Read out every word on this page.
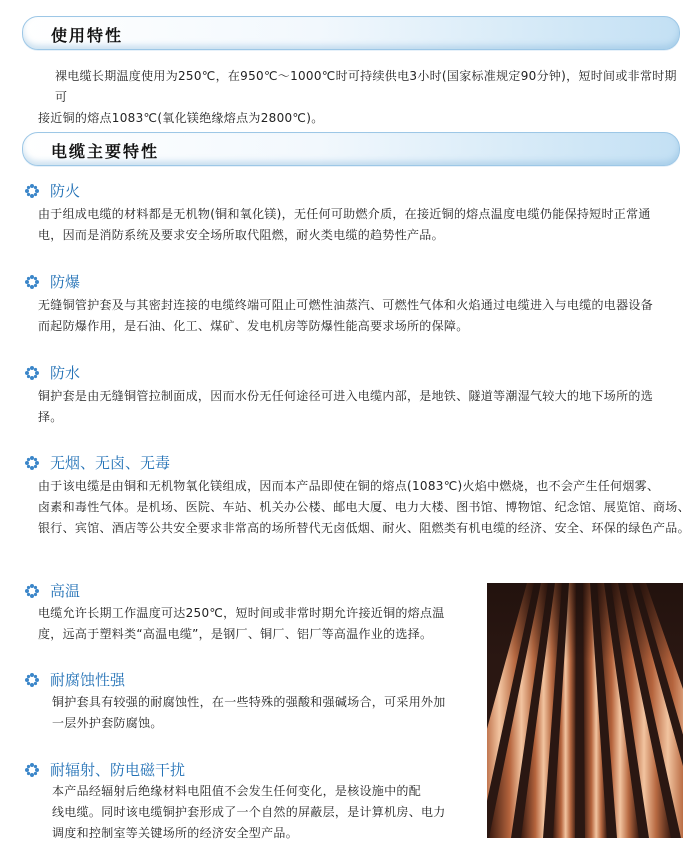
使用特性
裸电缆长期温度使用为250℃，在950℃～1000℃时可持续供电3小时(国家标准规定90分钟)，短时间或非常时期可
接近铜的熔点1083℃(氧化镁绝缘熔点为2800℃)。
电缆主要特性
防火
由于组成电缆的材料都是无机物(铜和氧化镁)，无任何可助燃介质，在接近铜的熔点温度电缆仍能保持短时正常通
电，因而是消防系统及要求安全场所取代阻燃，耐火类电缆的趋势性产品。
防爆
无缝铜管护套及与其密封连接的电缆终端可阻止可燃性油蒸汽、可燃性气体和火焰通过电缆进入与电缆的电器设备
而起防爆作用，是石油、化工、煤矿、发电机房等防爆性能高要求场所的保障。
防水
铜护套是由无缝铜管拉制面成，因而水份无任何途径可进入电缆内部，是地铁、隧道等潮湿气较大的地下场所的选
择。
无烟、无卤、无毒
由于该电缆是由铜和无机物氧化镁组成，因而本产品即使在铜的熔点(1083℃)火焰中燃烧，也不会产生任何烟雾、
卤素和毒性气体。是机场、医院、车站、机关办公楼、邮电大厦、电力大楼、图书馆、博物馆、纪念馆、展览馆、商场、
银行、宾馆、酒店等公共安全要求非常高的场所替代无卤低烟、耐火、阻燃类有机电缆的经济、安全、环保的绿色产品。
高温
电缆允许长期工作温度可达250℃，短时间或非常时期允许接近铜的熔点温
度，远高于塑料类“高温电缆”，是钢厂、铜厂、铝厂等高温作业的选择。
耐腐蚀性强
铜护套具有较强的耐腐蚀性，在一些特殊的强酸和强碱场合，可采用外加
一层外护套防腐蚀。
耐辐射、防电磁干扰
本产品经辐射后绝缘材料电阻值不会发生任何变化，是核设施中的配
线电缆。同时该电缆铜护套形成了一个自然的屏蔽层，是计算机房、电力
调度和控制室等关键场所的经济安全型产品。
